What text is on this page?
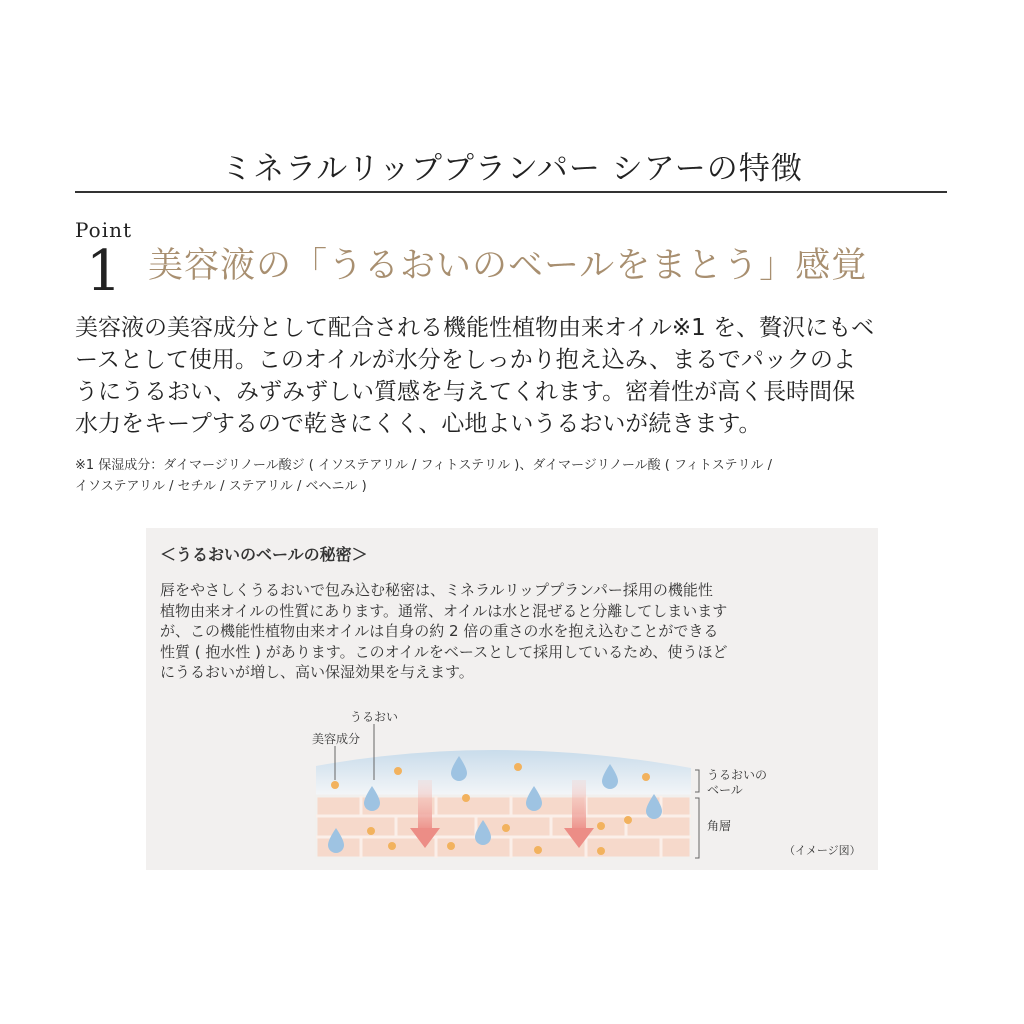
ミネラルリッププランパー シアーの特徴
Point
1 美容液の「うるおいのベールをまとう」感覚

美容液の美容成分として配合される機能性植物由来オイル※1 を、贅沢にもベ

ースとして使用。このオイルが水分をしっかり抱え込み、まるでパックのよ

うにうるおい、みずみずしい質感を与えてくれます。密着性が高く長時間保

水力をキープするので乾きにくく、心地よいうるおいが続きます。

※1 保湿成分：ダイマージリノール酸ジ ( イソステアリル / フィトステリル )、ダイマージリノール酸 ( フィトステリル /

イソステアリル / セチル / ステアリル / ベヘニル )

＜うるおいのベールの秘密＞

唇をやさしくうるおいで包み込む秘密は、ミネラルリッププランパー採用の機能性

植物由来オイルの性質にあります。通常、オイルは水と混ぜると分離してしまいます

が、この機能性植物由来オイルは自身の約 2 倍の重さの水を抱え込むことができる

性質 ( 抱水性 ) があります。このオイルをベースとして採用しているため、使うほど

にうるおいが増し、高い保湿効果を与えます。

うるおい
美容成分
うるおいの
ベール
角層
（イメージ図）
